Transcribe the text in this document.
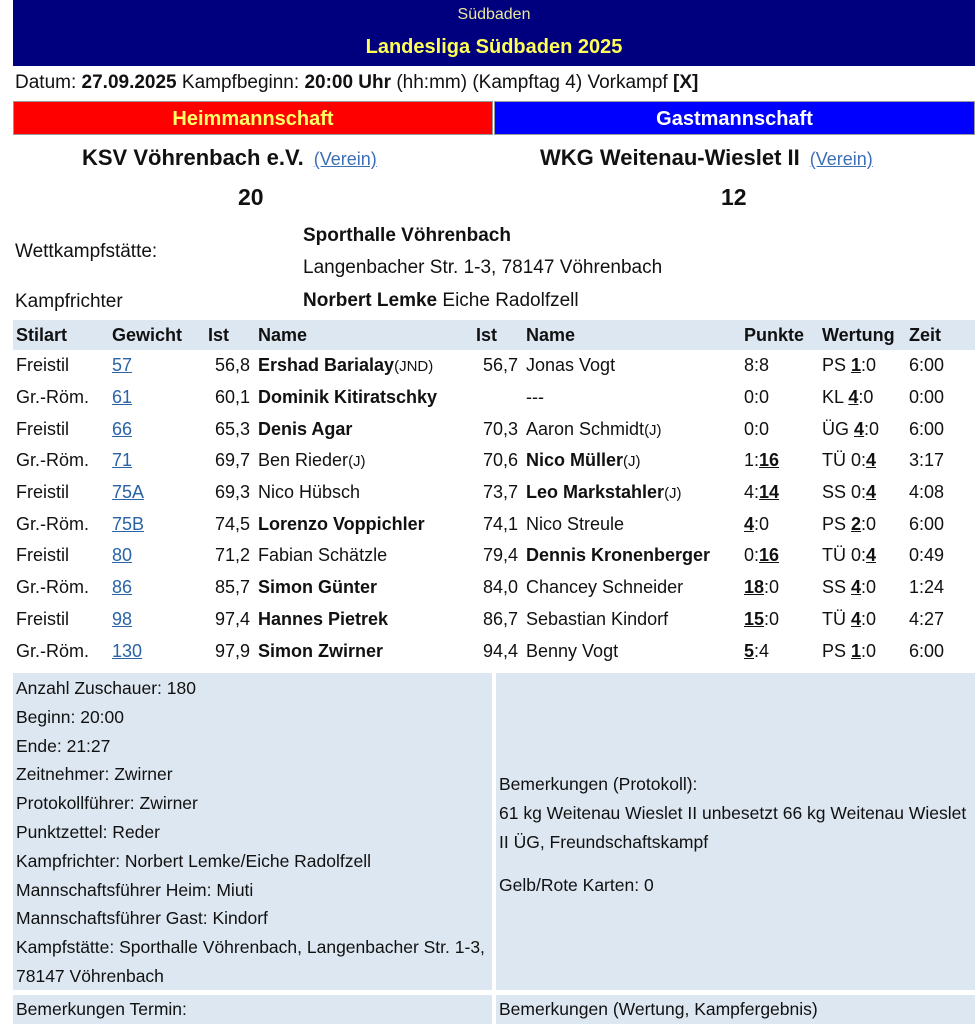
Südbaden
Landesliga Südbaden 2025
Datum: 27.09.2025 Kampfbeginn: 20:00 Uhr (hh:mm) (Kampftag 4) Vorkampf [X]
Heimmannschaft	Gastmannschaft
KSV Vöhrenbach e.V. (Verein)	WKG Weitenau-Wieslet II (Verein)
20	12
Wettkampfstätte:
Sporthalle Vöhrenbach
Langenbacher Str. 1-3, 78147 Vöhrenbach
Kampfrichter	Norbert Lemke Eiche Radolfzell
Stilart	Gewicht	Ist	Name	Ist	Name	Punkte	Wertung	Zeit
Freistil	57	56,8	Ershad Barialay(JND)	56,7	Jonas Vogt	8:8	PS 1:0	6:00
Gr.-Röm.	61	60,1	Dominik Kitiratschky		---	0:0	KL 4:0	0:00
Freistil	66	65,3	Denis Agar	70,3	Aaron Schmidt(J)	0:0	ÜG 4:0	6:00
Gr.-Röm.	71	69,7	Ben Rieder(J)	70,6	Nico Müller(J)	1:16	TÜ 0:4	3:17
Freistil	75A	69,3	Nico Hübsch	73,7	Leo Markstahler(J)	4:14	SS 0:4	4:08
Gr.-Röm.	75B	74,5	Lorenzo Voppichler	74,1	Nico Streule	4:0	PS 2:0	6:00
Freistil	80	71,2	Fabian Schätzle	79,4	Dennis Kronenberger	0:16	TÜ 0:4	0:49
Gr.-Röm.	86	85,7	Simon Günter	84,0	Chancey Schneider	18:0	SS 4:0	1:24
Freistil	98	97,4	Hannes Pietrek	86,7	Sebastian Kindorf	15:0	TÜ 4:0	4:27
Gr.-Röm.	130	97,9	Simon Zwirner	94,4	Benny Vogt	5:4	PS 1:0	6:00
Anzahl Zuschauer: 180
Beginn: 20:00
Ende: 21:27
Zeitnehmer: Zwirner
Protokollführer: Zwirner
Punktzettel: Reder
Kampfrichter: Norbert Lemke/Eiche Radolfzell
Mannschaftsführer Heim: Miuti
Mannschaftsführer Gast: Kindorf
Kampfstätte: Sporthalle Vöhrenbach, Langenbacher Str. 1-3, 78147 Vöhrenbach
Bemerkungen (Protokoll):
61 kg Weitenau Wieslet II unbesetzt 66 kg Weitenau Wieslet II ÜG, Freundschaftskampf
Gelb/Rote Karten: 0
Bemerkungen Termin:	Bemerkungen (Wertung, Kampfergebnis)
